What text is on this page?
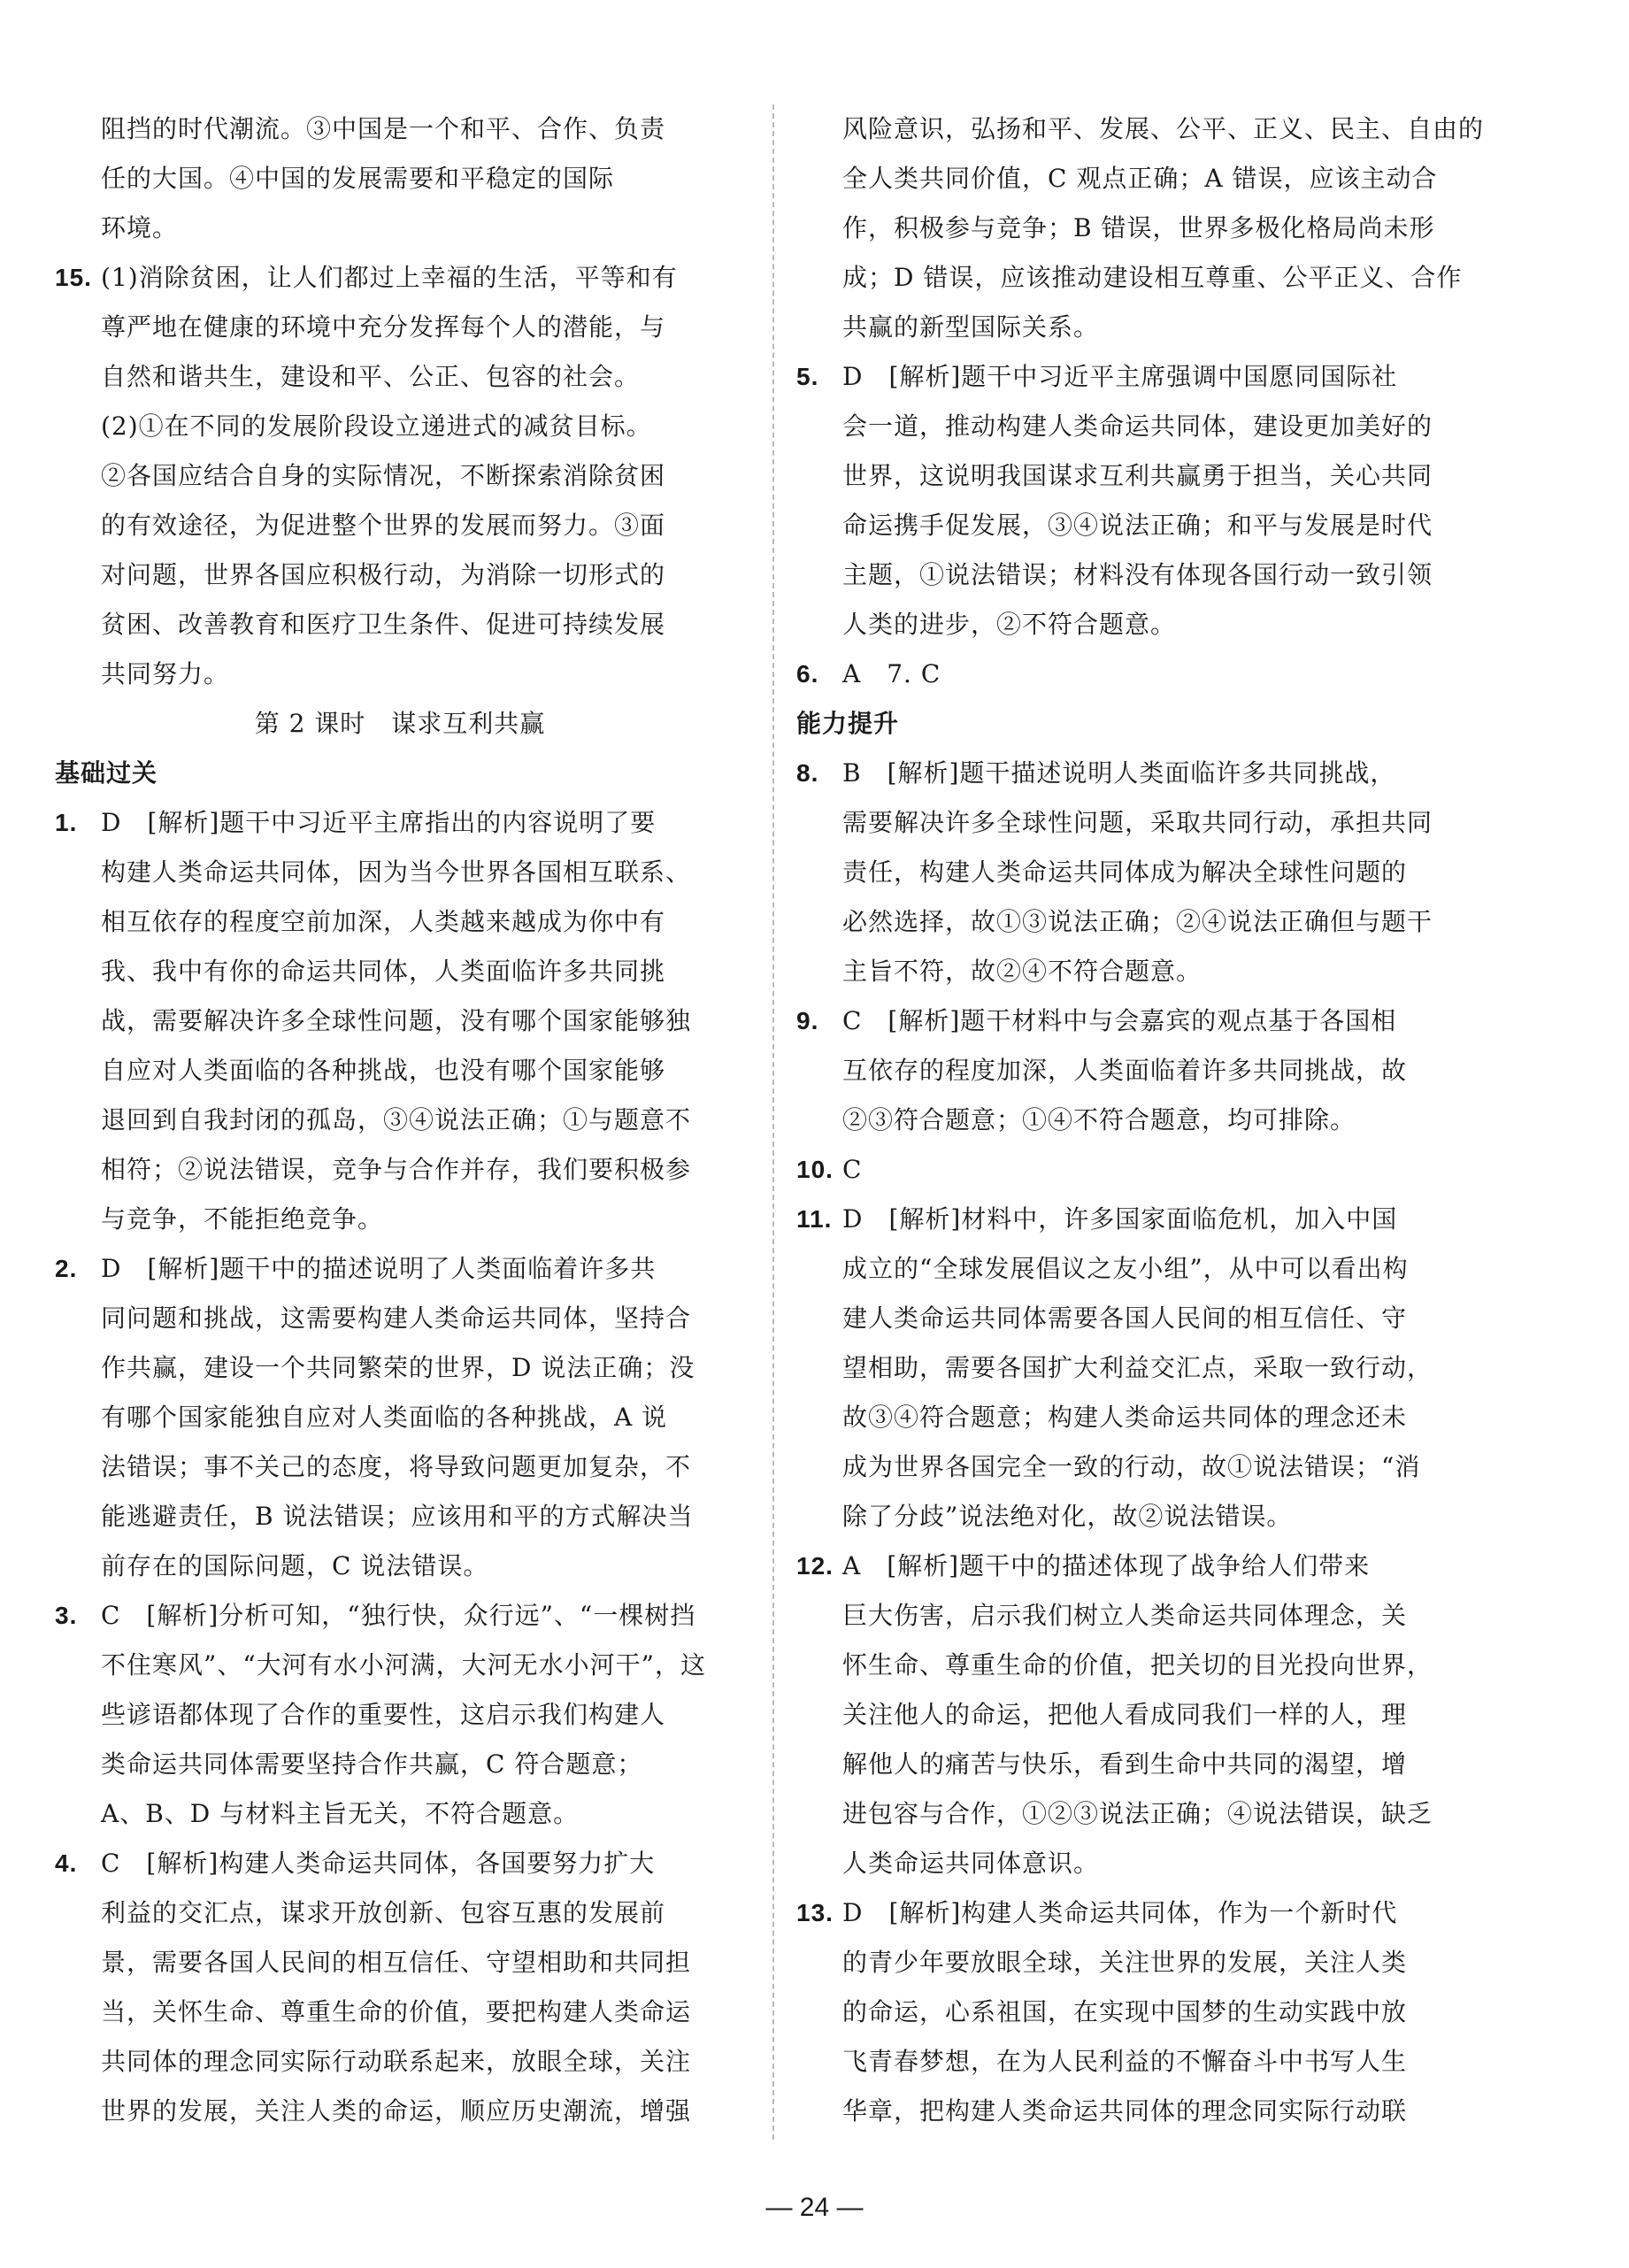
阻挡的时代潮流。③中国是一个和平、合作、负责
任的大国。④中国的发展需要和平稳定的国际
环境。
15. (1)消除贫困，让人们都过上幸福的生活，平等和有
尊严地在健康的环境中充分发挥每个人的潜能，与
自然和谐共生，建设和平、公正、包容的社会。
(2)①在不同的发展阶段设立递进式的减贫目标。
②各国应结合自身的实际情况，不断探索消除贫困
的有效途径，为促进整个世界的发展而努力。③面
对问题，世界各国应积极行动，为消除一切形式的
贫困、改善教育和医疗卫生条件、促进可持续发展
共同努力。
第 2 课时　谋求互利共赢
基础过关
1. D　[解析]题干中习近平主席指出的内容说明了要
构建人类命运共同体，因为当今世界各国相互联系、
相互依存的程度空前加深，人类越来越成为你中有
我、我中有你的命运共同体，人类面临许多共同挑
战，需要解决许多全球性问题，没有哪个国家能够独
自应对人类面临的各种挑战，也没有哪个国家能够
退回到自我封闭的孤岛，③④说法正确；①与题意不
相符；②说法错误，竞争与合作并存，我们要积极参
与竞争，不能拒绝竞争。
2. D　[解析]题干中的描述说明了人类面临着许多共
同问题和挑战，这需要构建人类命运共同体，坚持合
作共赢，建设一个共同繁荣的世界，D 说法正确；没
有哪个国家能独自应对人类面临的各种挑战，A 说
法错误；事不关己的态度，将导致问题更加复杂，不
能逃避责任，B 说法错误；应该用和平的方式解决当
前存在的国际问题，C 说法错误。
3. C　[解析]分析可知，“独行快，众行远”、“一棵树挡
不住寒风”、“大河有水小河满，大河无水小河干”，这
些谚语都体现了合作的重要性，这启示我们构建人
类命运共同体需要坚持合作共赢，C 符合题意；
A、B、D 与材料主旨无关，不符合题意。
4. C　[解析]构建人类命运共同体，各国要努力扩大
利益的交汇点，谋求开放创新、包容互惠的发展前
景，需要各国人民间的相互信任、守望相助和共同担
当，关怀生命、尊重生命的价值，要把构建人类命运
共同体的理念同实际行动联系起来，放眼全球，关注
世界的发展，关注人类的命运，顺应历史潮流，增强
风险意识，弘扬和平、发展、公平、正义、民主、自由的
全人类共同价值，C 观点正确；A 错误，应该主动合
作，积极参与竞争；B 错误，世界多极化格局尚未形
成；D 错误，应该推动建设相互尊重、公平正义、合作
共赢的新型国际关系。
5. D　[解析]题干中习近平主席强调中国愿同国际社
会一道，推动构建人类命运共同体，建设更加美好的
世界，这说明我国谋求互利共赢勇于担当，关心共同
命运携手促发展，③④说法正确；和平与发展是时代
主题，①说法错误；材料没有体现各国行动一致引领
人类的进步，②不符合题意。
6. A　7. C
能力提升
8. B　[解析]题干描述说明人类面临许多共同挑战，
需要解决许多全球性问题，采取共同行动，承担共同
责任，构建人类命运共同体成为解决全球性问题的
必然选择，故①③说法正确；②④说法正确但与题干
主旨不符，故②④不符合题意。
9. C　[解析]题干材料中与会嘉宾的观点基于各国相
互依存的程度加深，人类面临着许多共同挑战，故
②③符合题意；①④不符合题意，均可排除。
10. C
11. D　[解析]材料中，许多国家面临危机，加入中国
成立的“全球发展倡议之友小组”，从中可以看出构
建人类命运共同体需要各国人民间的相互信任、守
望相助，需要各国扩大利益交汇点，采取一致行动，
故③④符合题意；构建人类命运共同体的理念还未
成为世界各国完全一致的行动，故①说法错误；“消
除了分歧”说法绝对化，故②说法错误。
12. A　[解析]题干中的描述体现了战争给人们带来
巨大伤害，启示我们树立人类命运共同体理念，关
怀生命、尊重生命的价值，把关切的目光投向世界，
关注他人的命运，把他人看成同我们一样的人，理
解他人的痛苦与快乐，看到生命中共同的渴望，增
进包容与合作，①②③说法正确；④说法错误，缺乏
人类命运共同体意识。
13. D　[解析]构建人类命运共同体，作为一个新时代
的青少年要放眼全球，关注世界的发展，关注人类
的命运，心系祖国，在实现中国梦的生动实践中放
飞青春梦想，在为人民利益的不懈奋斗中书写人生
华章，把构建人类命运共同体的理念同实际行动联
— 24 —
